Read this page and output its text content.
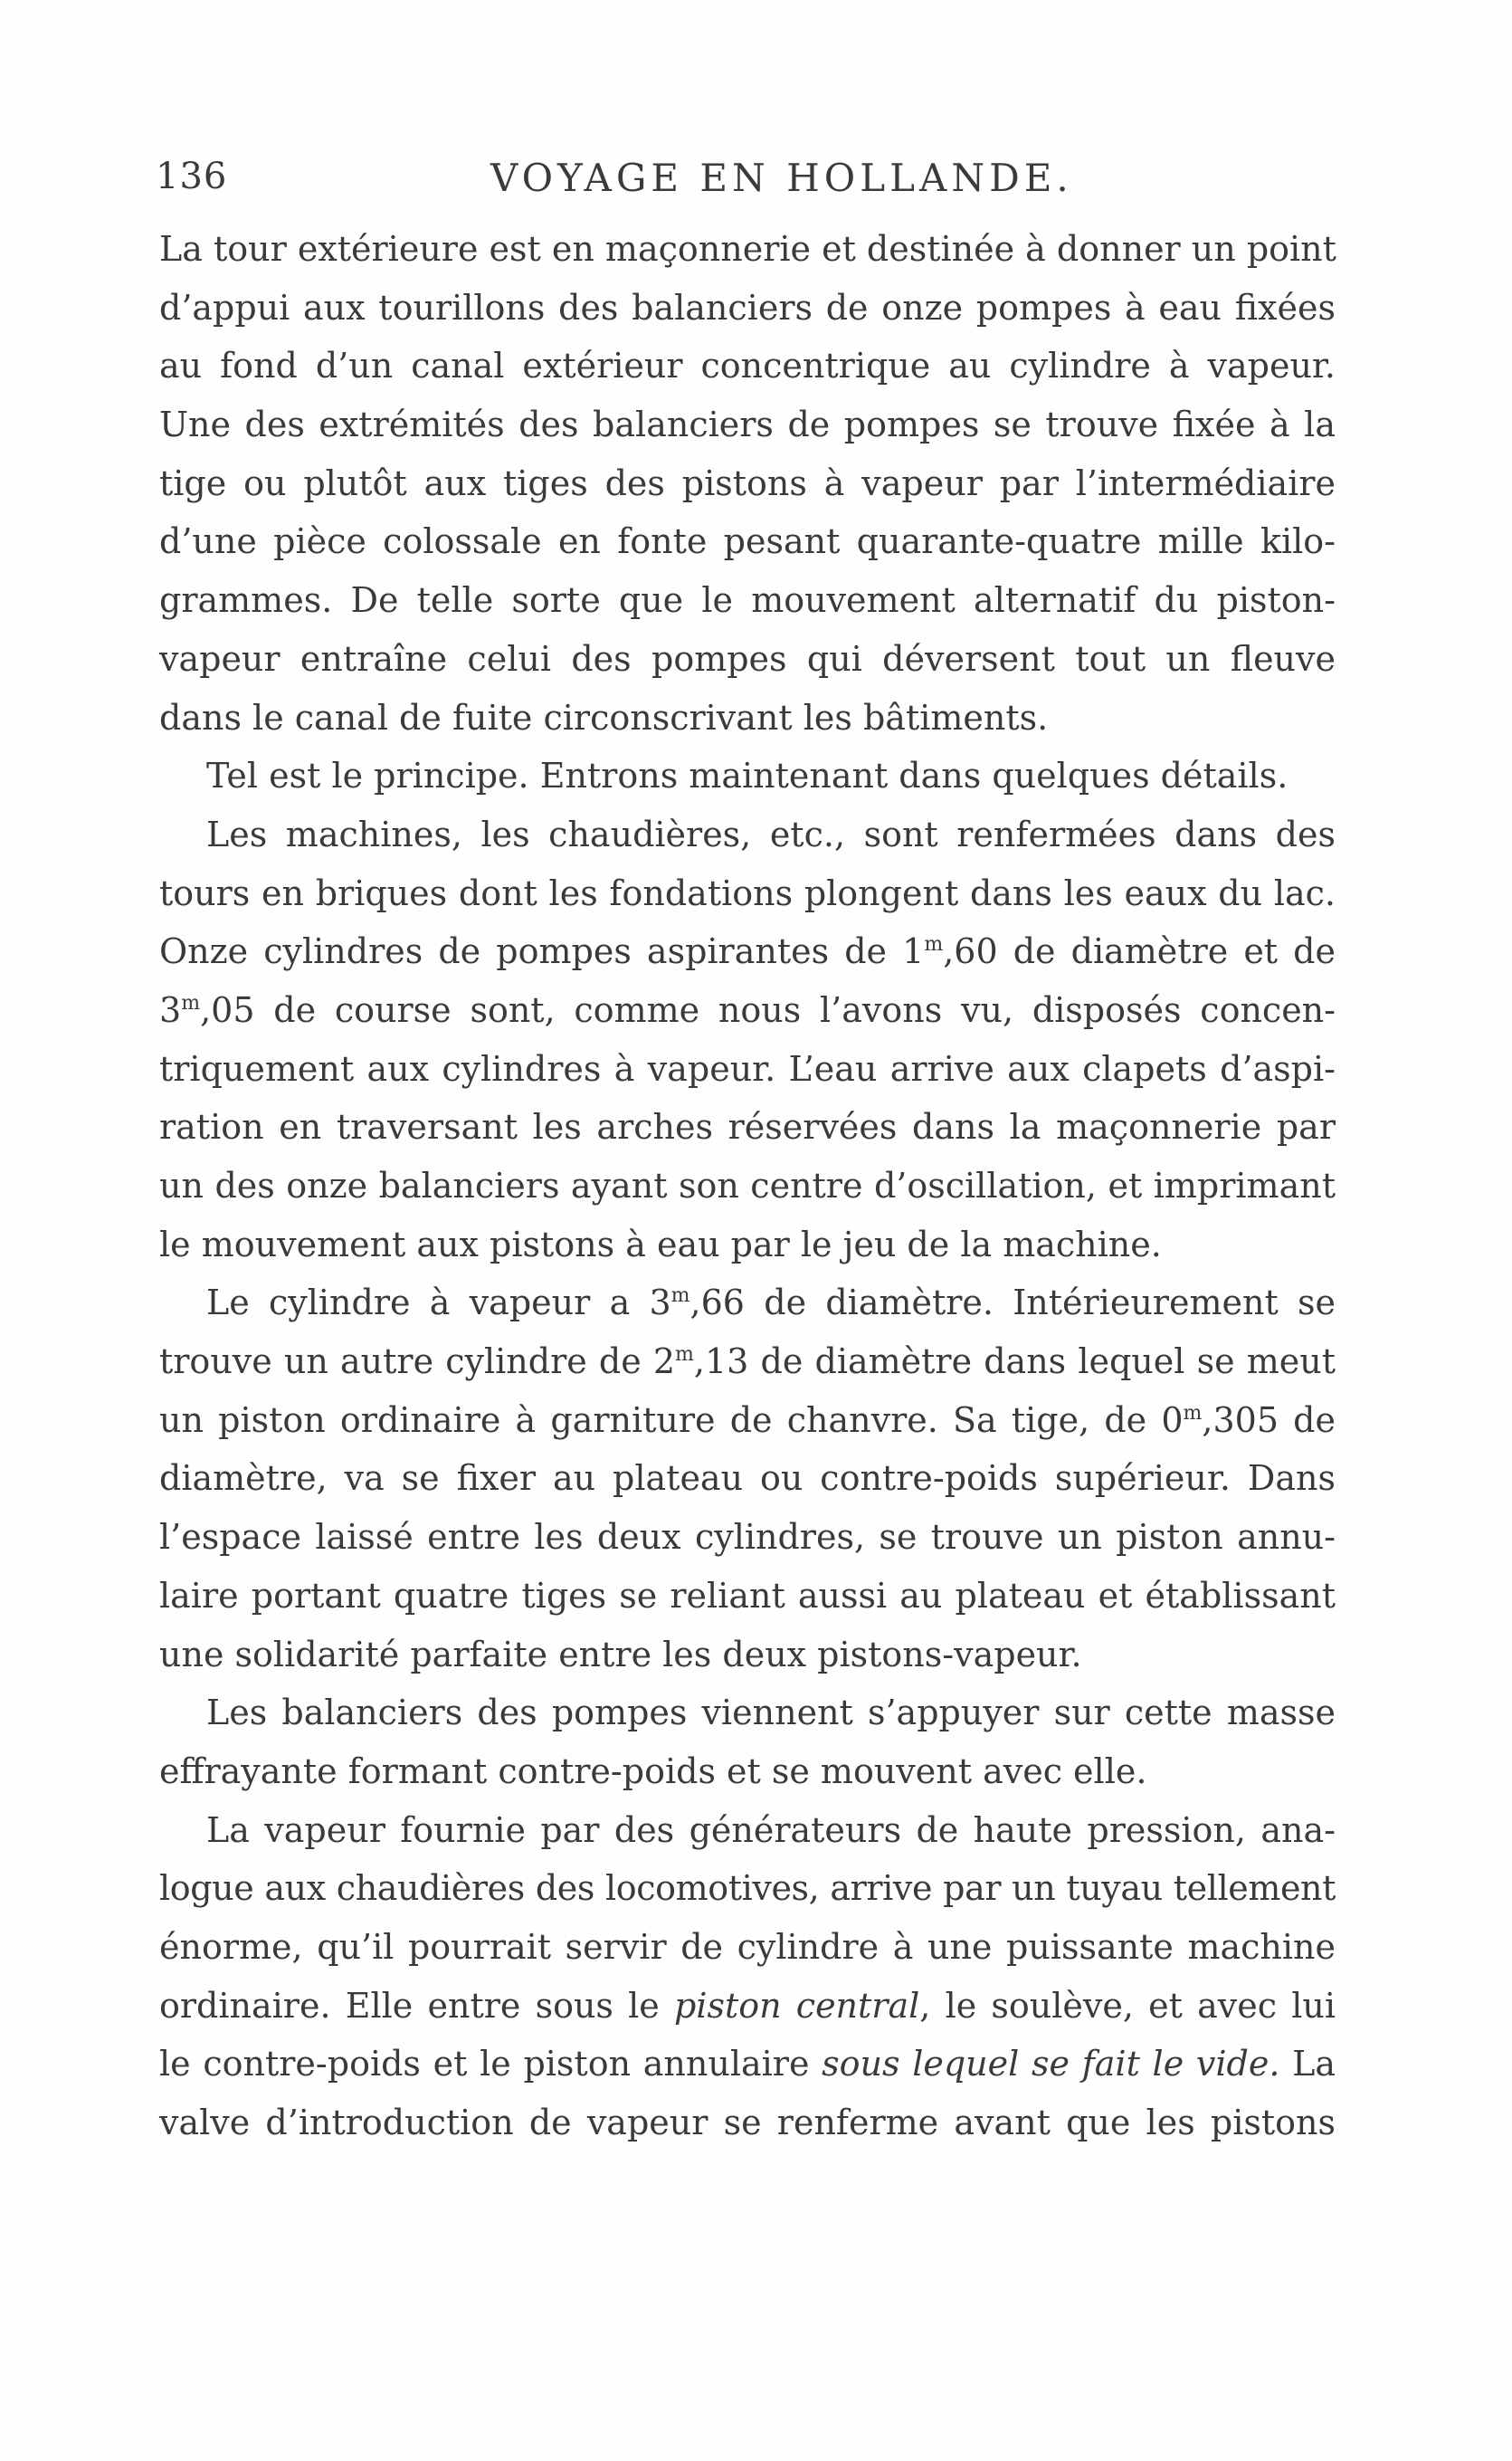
136	VOYAGE EN HOLLANDE.
La tour extérieure est en maçonnerie et destinée à donner un point
d’appui aux tourillons des balanciers de onze pompes à eau fixées
au fond d’un canal extérieur concentrique au cylindre à vapeur.
Une des extrémités des balanciers de pompes se trouve fixée à la
tige ou plutôt aux tiges des pistons à vapeur par l’intermédiaire
d’une pièce colossale en fonte pesant quarante-quatre mille kilo-
grammes. De telle sorte que le mouvement alternatif du piston-
vapeur entraîne celui des pompes qui déversent tout un fleuve
dans le canal de fuite circonscrivant les bâtiments.
Tel est le principe. Entrons maintenant dans quelques détails.
Les machines, les chaudières, etc., sont renfermées dans des
tours en briques dont les fondations plongent dans les eaux du lac.
Onze cylindres de pompes aspirantes de 1$^m$,60 de diamètre et de
3$^m$,05 de course sont, comme nous l’avons vu, disposés concen-
triquement aux cylindres à vapeur. L’eau arrive aux clapets d’aspi-
ration en traversant les arches réservées dans la maçonnerie par
un des onze balanciers ayant son centre d’oscillation, et imprimant
le mouvement aux pistons à eau par le jeu de la machine.
Le cylindre à vapeur a 3$^m$,66 de diamètre. Intérieurement se
trouve un autre cylindre de 2$^m$,13 de diamètre dans lequel se meut
un piston ordinaire à garniture de chanvre. Sa tige, de 0$^m$,305 de
diamètre, va se fixer au plateau ou contre-poids supérieur. Dans
l’espace laissé entre les deux cylindres, se trouve un piston annu-
laire portant quatre tiges se reliant aussi au plateau et établissant
une solidarité parfaite entre les deux pistons-vapeur.
Les balanciers des pompes viennent s’appuyer sur cette masse
effrayante formant contre-poids et se mouvent avec elle.
La vapeur fournie par des générateurs de haute pression, ana-
logue aux chaudières des locomotives, arrive par un tuyau tellement
énorme, qu’il pourrait servir de cylindre à une puissante machine
ordinaire. Elle entre sous le piston central, le soulève, et avec lui
le contre-poids et le piston annulaire sous lequel se fait le vide. La
valve d’introduction de vapeur se renferme avant que les pistons
